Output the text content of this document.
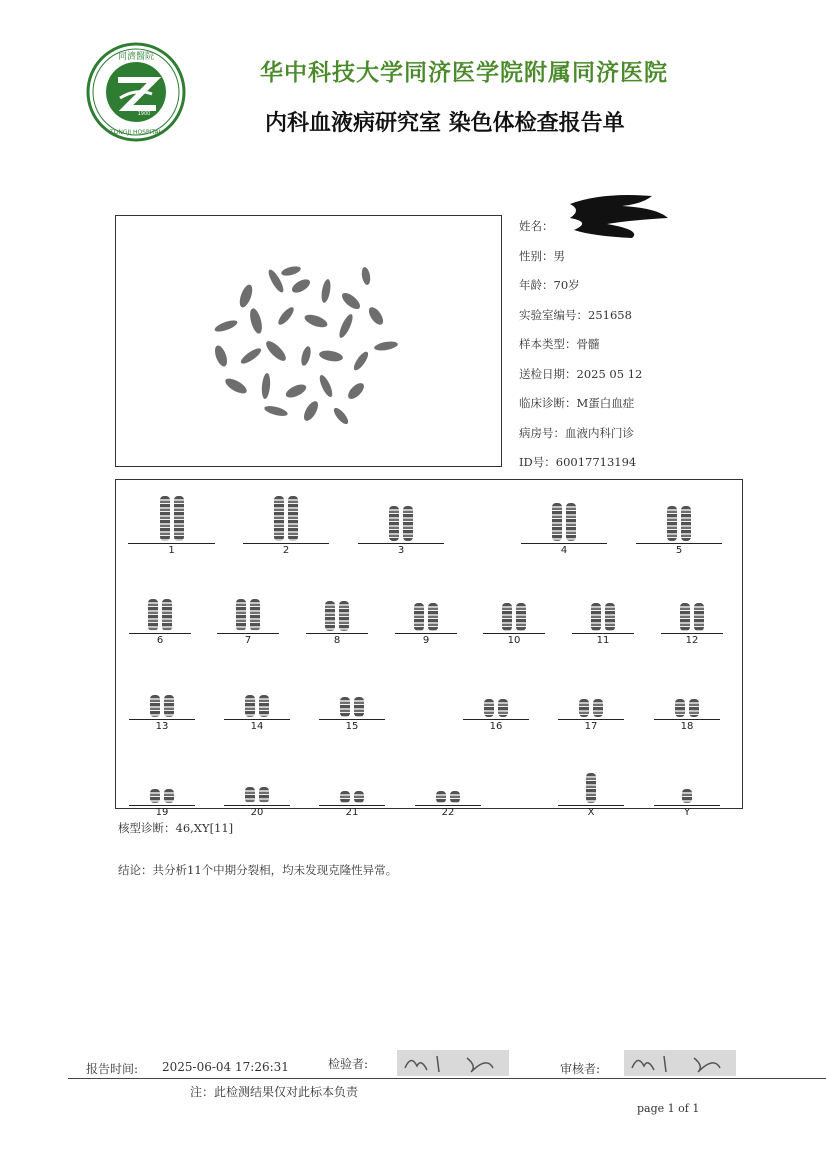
同濟醫院
TONGJI HOSPITAL
1900
华中科技大学同济医学院附属同济医院
内科血液病研究室 染色体检查报告单
姓名：
性别：男
年龄：70岁
实验室编号：251658
样本类型：骨髓
送检日期：2025 05 12
临床诊断：M蛋白血症
病房号：血液内科门诊
ID号：60017713194
1	2	3	4	5
6	7	8	9	10	11	12
13	14	15	16	17	18
19	20	21	22	X	Y
核型诊断：46,XY[11]
结论：共分析11个中期分裂相，均未发现克隆性异常。
报告时间: 2025-06-04 17:26:31	检验者:	审核者:
注：此检测结果仅对此标本负责
page 1 of 1
